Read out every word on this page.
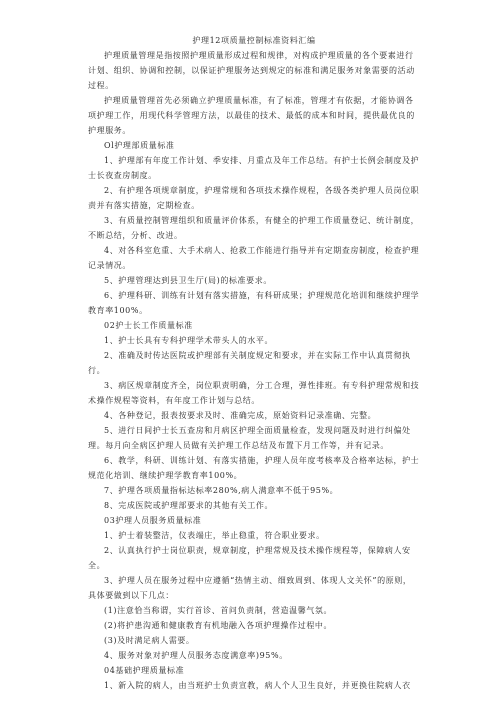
护理12项质量控制标准资料汇编

护理质量管理是指按照护理质量形成过程和规律，对构成护理质量的各个要素进行计划、组织、协调和控制，以保证护理服务达到规定的标准和满足服务对象需要的活动过程。

护理质量管理首先必须确立护理质量标准，有了标准，管理才有依据，才能协调各项护理工作，用现代科学管理方法，以最佳的技术、最低的成本和时间，提供最优良的护理服务。

Ol护理部质量标准

1、护理部有年度工作计划、季安排、月重点及年工作总结。有护士长例会制度及护士长夜查房制度。

2、有护理各项规章制度，护理常规和各项技术操作规程，各级各类护理人员岗位职责并有落实措施，定期检查。

3、有质量控制管理组织和质量评价体系，有健全的护理工作质量登记、统计制度，不断总结，分析、改进。

4、对各科室危重、大手术病人、抢救工作能进行指导并有定期查房制度，检查护理记录情况。

5、护理管理达到县卫生厅(局)的标准要求。

6、护理科研、训练有计划有落实措施，有科研成果；护理规范化培训和继续护理学教育率100%。

02护士长工作质量标准

1、护士长具有专科护理学术带头人的水平。

2、准确及时传达医院或护理部有关制度规定和要求，并在实际工作中认真贯彻执行。

3、病区规章制度齐全，岗位职责明确，分工合理，弹性排班。有专科护理常规和技术操作规程等资料，有年度工作计划与总结。

4、各种登记，报表按要求及时、准确完成，原始资料记录准确、完整。

5、进行日间护士长五查房和月病区护理全面质量检查，发现问题及时进行纠偏处理。每月向全病区护理人员做有关护理工作总结及布置下月工作等，并有记录。

6、教学，科研、训练计划、有落实措施，护理人员年度考核率及合格率达标，护士规范化培训、继续护理学教育率100%。

7、护理各项质量指标达标率280%,病人满意率不低于95%。

8、完成医院或护理部要求的其他有关工作。

03护理人员服务质量标准

1、护士着装整洁，仪表端庄，举止稳重，符合职业要求。

2、认真执行护士岗位职责，规章制度，护理常规及技术操作规程等，保障病人安全。

3、护理人员在服务过程中应遵循“热情主动、细致周到、体现人文关怀”的原则，具体要做到以下几点：

(1)注意恰当称谓，实行首诊、首问负责制，营造温馨气氛。

(2)将护患沟通和健康教育有机地融入各项护理操作过程中。

(3)及时满足病人需要。

4、服务对象对护理人员服务态度满意率)95%。

04基础护理质量标准

1、新入院的病人，由当班护士负责宣教，病人个人卫生良好，并更换住院病人衣
